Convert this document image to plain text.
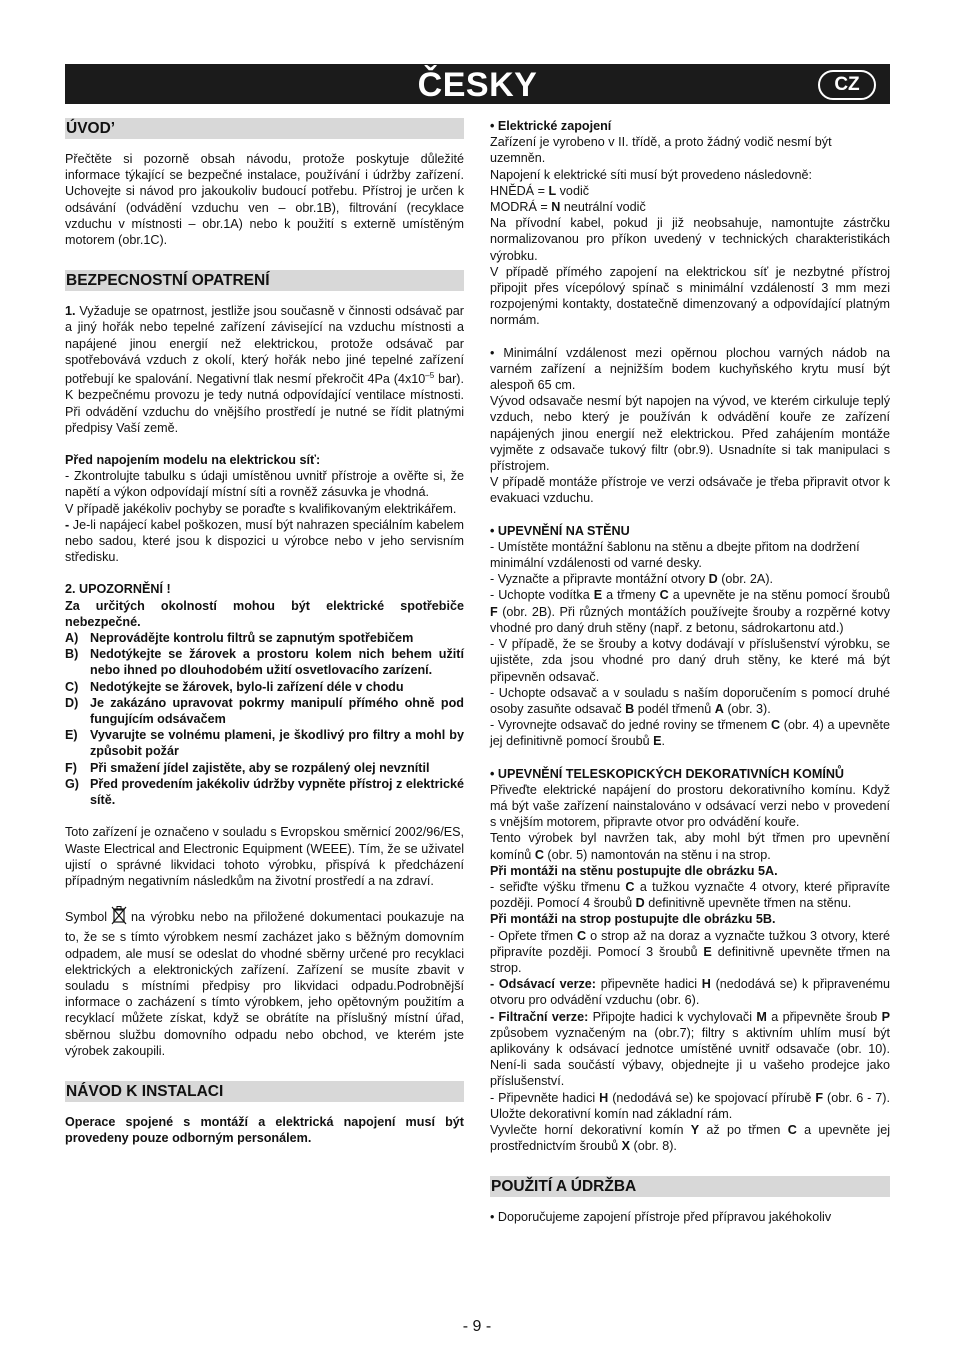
ČESKY	CZ
ÚVOD’

Přečtěte si pozorně obsah návodu, protože poskytuje důležité informace týkající se bezpečné instalace, používání i údržby zařízení. Uchovejte si návod pro jakoukoliv budoucí potřebu. Přístroj je určen k odsávání (odvádění vzduchu ven – obr.1B), filtrování (recyklace vzduchu v místnosti – obr.1A) nebo k použití s externě umístěným motorem (obr.1C).

BEZPECNOSTNÍ OPATRENÍ

1. Vyžaduje se opatrnost, jestliže jsou současně v činnosti odsávač par a jiný hořák nebo tepelné zařízení závisející na vzduchu místnosti a napájené jinou energií než elektrickou, protože odsávač par spotřebovává vzduch z okolí, který hořák nebo jiné tepelné zařízení potřebují ke spalování. Negativní tlak nesmí překročit 4Pa ($4x10^{-5}$ bar). K bezpečnému provozu je tedy nutná odpovídající ventilace místnosti. Při odvádění vzduchu do vnějšího prostředí je nutné se řídit platnými předpisy Vaší země.

Před napojením modelu na elektrickou síť:

- Zkontrolujte tabulku s údaji umístěnou uvnitř přístroje a ověřte si, že napětí a výkon odpovídají místní síti a rovněž zásuvka je vhodná.

V případě jakékoliv pochyby se poraďte s kvalifikovaným elektrikářem.

- Je-li napájecí kabel poškozen, musí být nahrazen speciálním kabelem nebo sadou, které jsou k dispozici u výrobce nebo v jeho servisním středisku.

2. UPOZORNĚNÍ !

Za určitých okolností mohou být elektrické spotřebiče nebezpečné.

A) Neprovádějte kontrolu filtrů se zapnutým spotřebičem
B) Nedotýkejte se žárovek a prostoru kolem nich behem užití nebo ihned po dlouhodobém užití osvetlovacího zarízení.
C) Nedotýkejte se žárovek, bylo-li zařízení déle v chodu
D) Je zakázáno upravovat pokrmy manipulí přímého ohně pod fungujícím odsávačem
E) Vyvarujte se volnému plameni, je škodlivý pro filtry a mohl by způsobit požár
F)	Při smažení jídel zajistěte, aby se rozpálený olej nevznítil
G) Před provedením jakékoliv údržby vypněte přístroj z elektrické sítě.

Toto zařízení je označeno v souladu s Evropskou směrnicí 2002/96/ES, Waste Electrical and Electronic Equipment (WEEE). Tím, že se uživatel ujistí o správné likvidaci tohoto výrobku, přispívá k předcházení případným negativním následkům na životní prostředí a na zdraví.

Symbol na výrobku nebo na přiložené dokumentaci poukazuje na to, že se s tímto výrobkem nesmí zacházet jako s běžným domovním odpadem, ale musí se odeslat do vhodné sběrny určené pro recyklaci elektrických a elektronických zařízení. Zařízení se musíte zbavit v souladu s místními předpisy pro likvidaci odpadu.Podrobnější informace o zacházení s tímto výrobkem, jeho opětovným použitím a recyklací můžete získat, když se obrátíte na příslušný místní úřad, sběrnou službu domovního odpadu nebo obchod, ve kterém jste výrobek zakoupili.

NÁVOD K INSTALACI

Operace spojené s montáží a elektrická napojení musí být provedeny pouze odborným personálem.

• Elektrické zapojení

Zařízení je vyrobeno v II. třídě, a proto žádný vodič nesmí být uzemněn.

Napojení k elektrické síti musí být provedeno následovně:

HNĚDÁ = L vodič

MODRÁ = N neutrální vodič

Na přívodní kabel, pokud ji již neobsahuje, namontujte zástrčku normalizovanou pro příkon uvedený v technických charakteristikách výrobku.

V případě přímého zapojení na elektrickou síť je nezbytné přístroj připojit přes vícepólový spínač s minimální vzdáleností 3 mm mezi rozpojenými kontakty, dostatečně dimenzovaný a odpovídající platným normám.

• Minimální vzdálenost mezi opěrnou plochou varných nádob na varném zařízení a nejnižším bodem kuchyňského krytu musí být alespoň 65 cm.

Vývod odsavače nesmí být napojen na vývod, ve kterém cirkuluje teplý vzduch, nebo který je používán k odvádění kouře ze zařízení napájených jinou energií než elektrickou. Před zahájením montáže vyjměte z odsavače tukový filtr (obr.9). Usnadníte si tak manipulaci s přístrojem.

V případě montáže přístroje ve verzi odsávače je třeba připravit otvor k evakuaci vzduchu.

• UPEVNĚNÍ NA STĚNU

- Umístěte montážní šablonu na stěnu a dbejte přitom na dodržení minimální vzdálenosti od varné desky.

- Vyznačte a připravte montážní otvory D (obr. 2A).

- Uchopte vodítka E a třmeny C a upevněte je na stěnu pomocí šroubů F (obr. 2B). Při různých montážích používejte šrouby a rozpěrné kotvy vhodné pro daný druh stěny (např. z betonu, sádrokartonu atd.)

- V případě, že se šrouby a kotvy dodávají v příslušenství výrobku, se ujistěte, zda jsou vhodné pro daný druh stěny, ke které má být připevněn odsavač.

- Uchopte odsavač a v souladu s naším doporučením s pomocí druhé osoby zasuňte odsavač B podél třmenů A (obr. 3).

- Vyrovnejte odsavač do jedné roviny se třmenem C (obr. 4) a upevněte jej definitivně pomocí šroubů E.

• UPEVNĚNÍ TELESKOPICKÝCH DEKORATIVNÍCH KOMÍNŮ

Přiveďte elektrické napájení do prostoru dekorativního komínu. Když má být vaše zařízení nainstalováno v odsávací verzi nebo v provedení s vnějším motorem, připravte otvor pro odvádění kouře.

Tento výrobek byl navržen tak, aby mohl být třmen pro upevnění komínů C (obr. 5) namontován na stěnu i na strop.

Při montáži na stěnu postupujte dle obrázku 5A.

- seřiďte výšku třmenu C a tužkou vyznačte 4 otvory, které připravíte později. Pomocí 4 šroubů D definitivně upevněte třmen na stěnu.

Při montáži na strop postupujte dle obrázku 5B.

- Opřete třmen C o strop až na doraz a vyznačte tužkou 3 otvory, které připravíte později. Pomocí 3 šroubů E definitivně upevněte třmen na strop.

- Odsávací verze: připevněte hadici H (nedodává se) k připravenému otvoru pro odvádění vzduchu (obr. 6).

- Filtrační verze: Připojte hadici k vychylovači M a připevněte šroub P způsobem vyznačeným na (obr.7); filtry s aktivním uhlím musí být aplikovány k odsávací jednotce umístěné uvnitř odsavače (obr. 10). Není-li sada součástí výbavy, objednejte ji u vašeho prodejce jako příslušenství.

- Připevněte hadici H (nedodává se) ke spojovací přírubě F (obr. 6 - 7). Uložte dekorativní komín nad základní rám.

Vyvlečte horní dekorativní komín Y až po třmen C a upevněte jej prostřednictvím šroubů X (obr. 8).

POUŽITÍ A ÚDRŽBA

• Doporučujeme zapojení přístroje před přípravou jakéhokoliv

- 9 -
